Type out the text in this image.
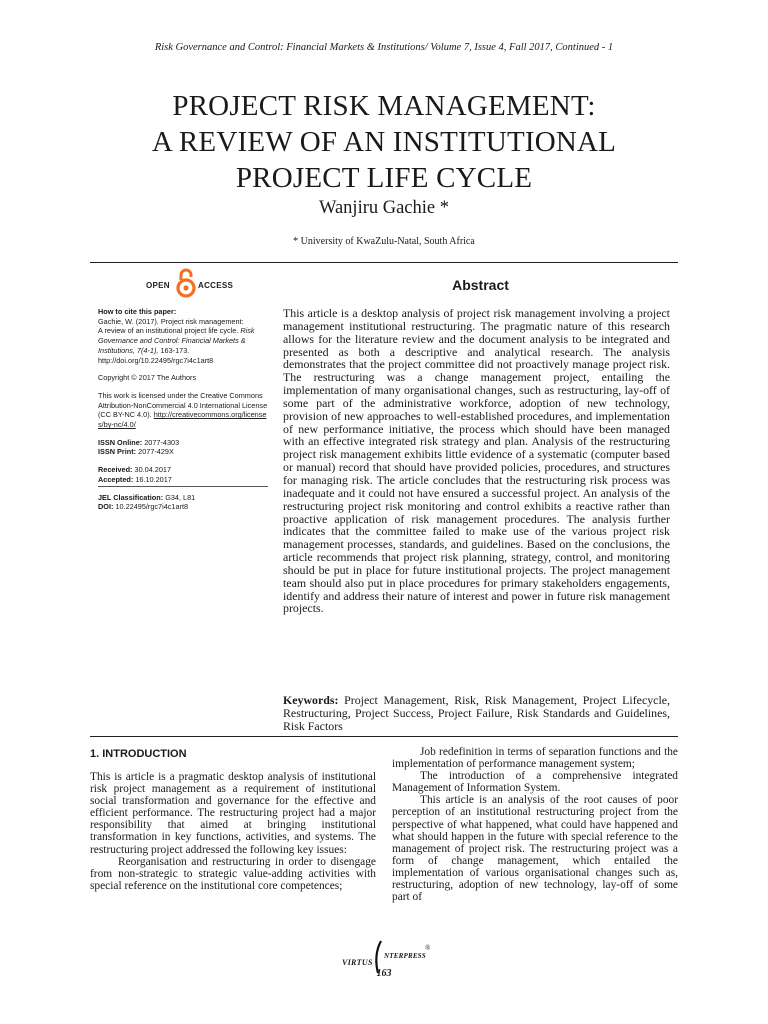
Risk Governance and Control: Financial Markets & Institutions/ Volume 7, Issue 4, Fall 2017, Continued - 1
PROJECT RISK MANAGEMENT:
A REVIEW OF AN INSTITUTIONAL
PROJECT LIFE CYCLE
Wanjiru Gachie *
* University of KwaZulu-Natal, South Africa
OPEN	ACCESS	Abstract

How to cite this paper:
Gachie, W. (2017). Project risk management:
A review of an institutional project life cycle. Risk Governance and Control: Financial Markets & Institutions, 7(4-1), 163-173.
http://doi.org/10.22495/rgc7i4c1art8

Copyright © 2017 The Authors

This work is licensed under the Creative Commons Attribution-NonCommercial 4.0 International License (CC BY-NC 4.0). http://creativecommons.org/licenses/by-nc/4.0/

ISSN Online: 2077-4303
ISSN Print: 2077-429X

Received: 30.04.2017
Accepted: 16.10.2017

JEL Classification: G34, L81
DOI: 10.22495/rgc7i4c1art8

This article is a desktop analysis of project risk management involving a project management institutional restructuring. The pragmatic nature of this research allows for the literature review and the document analysis to be integrated and presented as both a descriptive and analytical research. The analysis demonstrates that the project committee did not proactively manage project risk. The restructuring was a change management project, entailing the implementation of many organisational changes, such as restructuring, lay-off of some part of the administrative workforce, adoption of new technology, provision of new approaches to well-established procedures, and implementation of new performance initiative, the process which should have been managed with an effective integrated risk strategy and plan. Analysis of the restructuring project risk management exhibits little evidence of a systematic (computer based or manual) record that should have provided policies, procedures, and structures for managing risk. The article concludes that the restructuring risk process was inadequate and it could not have ensured a successful project. An analysis of the restructuring project risk monitoring and control exhibits a reactive rather than proactive application of risk management procedures. The analysis further indicates that the committee failed to make use of the various project risk management processes, standards, and guidelines. Based on the conclusions, the article recommends that project risk planning, strategy, control, and monitoring should be put in place for future institutional projects. The project management team should also put in place procedures for primary stakeholders engagements, identify and address their nature of interest and power in future risk management projects.
Keywords: Project Management, Risk, Risk Management, Project Lifecycle, Restructuring, Project Success, Project Failure, Risk Standards and Guidelines, Risk Factors
1. INTRODUCTION

This is article is a pragmatic desktop analysis of institutional risk project management as a requirement of institutional social transformation and governance for the effective and efficient performance. The restructuring project had a major responsibility that aimed at bringing institutional transformation in key functions, activities, and systems. The restructuring project addressed the following key issues:

Reorganisation and restructuring in order to disengage from non-strategic to strategic value-adding activities with special reference on the institutional core competences;

Job redefinition in terms of separation functions and the implementation of performance management system;

The introduction of a comprehensive integrated Management of Information System.

This article is an analysis of the root causes of poor perception of an institutional restructuring project from the perspective of what happened, what could have happened and what should happen in the future with special reference to the management of project risk. The restructuring project was a form of change management, which entailed the implementation of various organisational changes such as, restructuring, adoption of new technology, lay-off of some part of

VIRTUS
NTERPRESS
®
163
